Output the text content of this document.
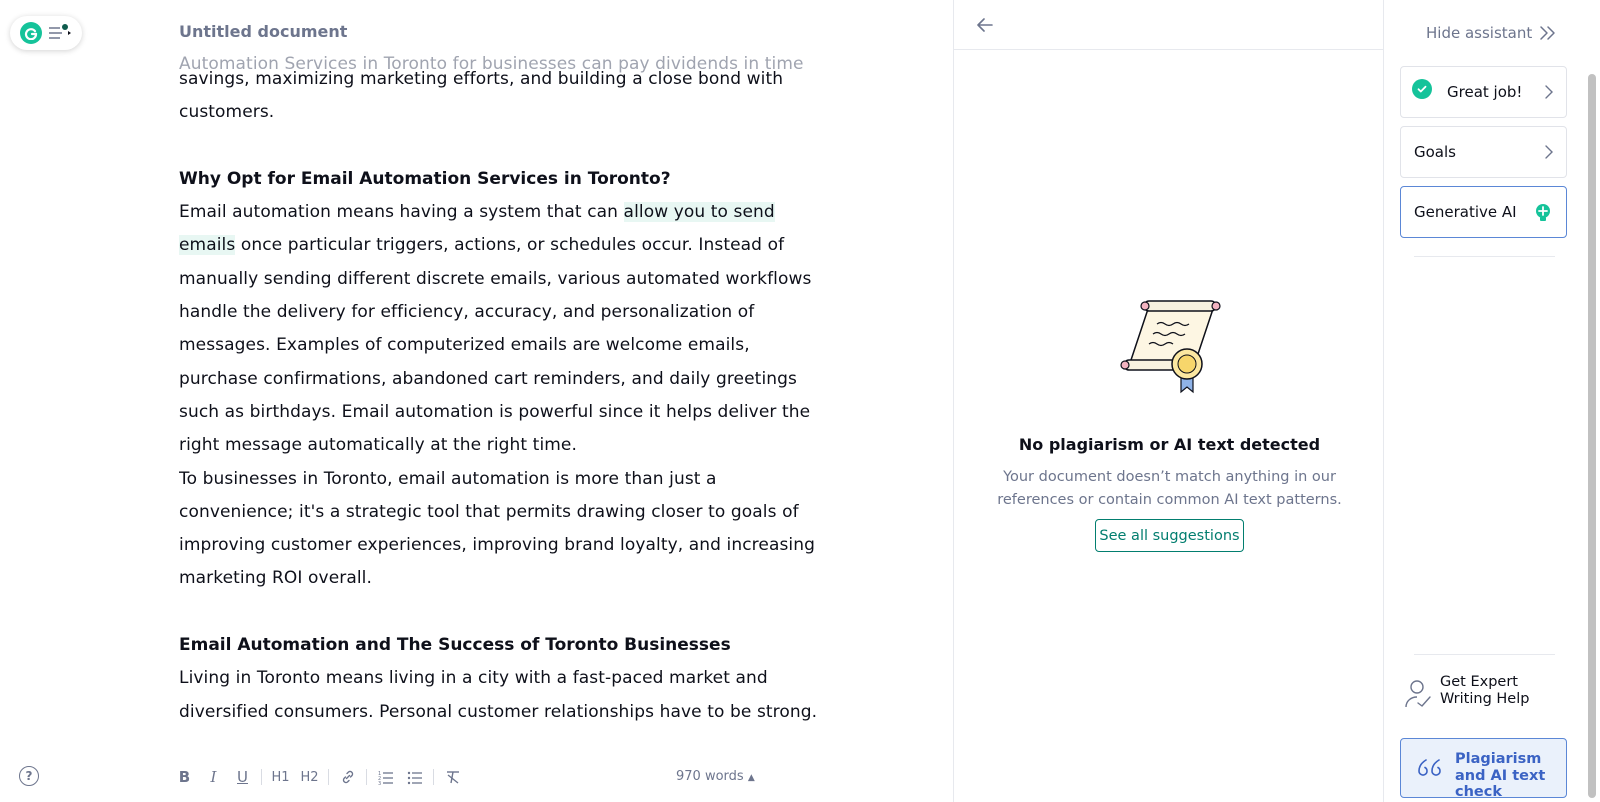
Untitled document
Automation Services in Toronto for businesses can pay dividends in time
savings, maximizing marketing efforts, and building a close bond with customers.
Why Opt for Email Automation Services in Toronto?
Email automation means having a system that can allow you to send emails once particular triggers, actions, or schedules occur. Instead of manually sending different discrete emails, various automated workflows handle the delivery for efficiency, accuracy, and personalization of messages. Examples of computerized emails are welcome emails, purchase confirmations, abandoned cart reminders, and daily greetings such as birthdays. Email automation is powerful since it helps deliver the right message automatically at the right time.
To businesses in Toronto, email automation is more than just a convenience; it's a strategic tool that permits drawing closer to goals of improving customer experiences, improving brand loyalty, and increasing marketing ROI overall.
Email Automation and The Success of Toronto Businesses
Living in Toronto means living in a city with a fast-paced market and diversified consumers. Personal customer relationships have to be strong.
?	B	I	U	H1 H2	1
2
3	970 words ▲
No plagiarism or AI text detected
Your document doesn’t match anything in our references or contain common AI text patterns.
See all suggestions
Hide assistant
Great job!
Goals
Generative AI
Get Expert Writing Help
Plagiarism and AI text check
